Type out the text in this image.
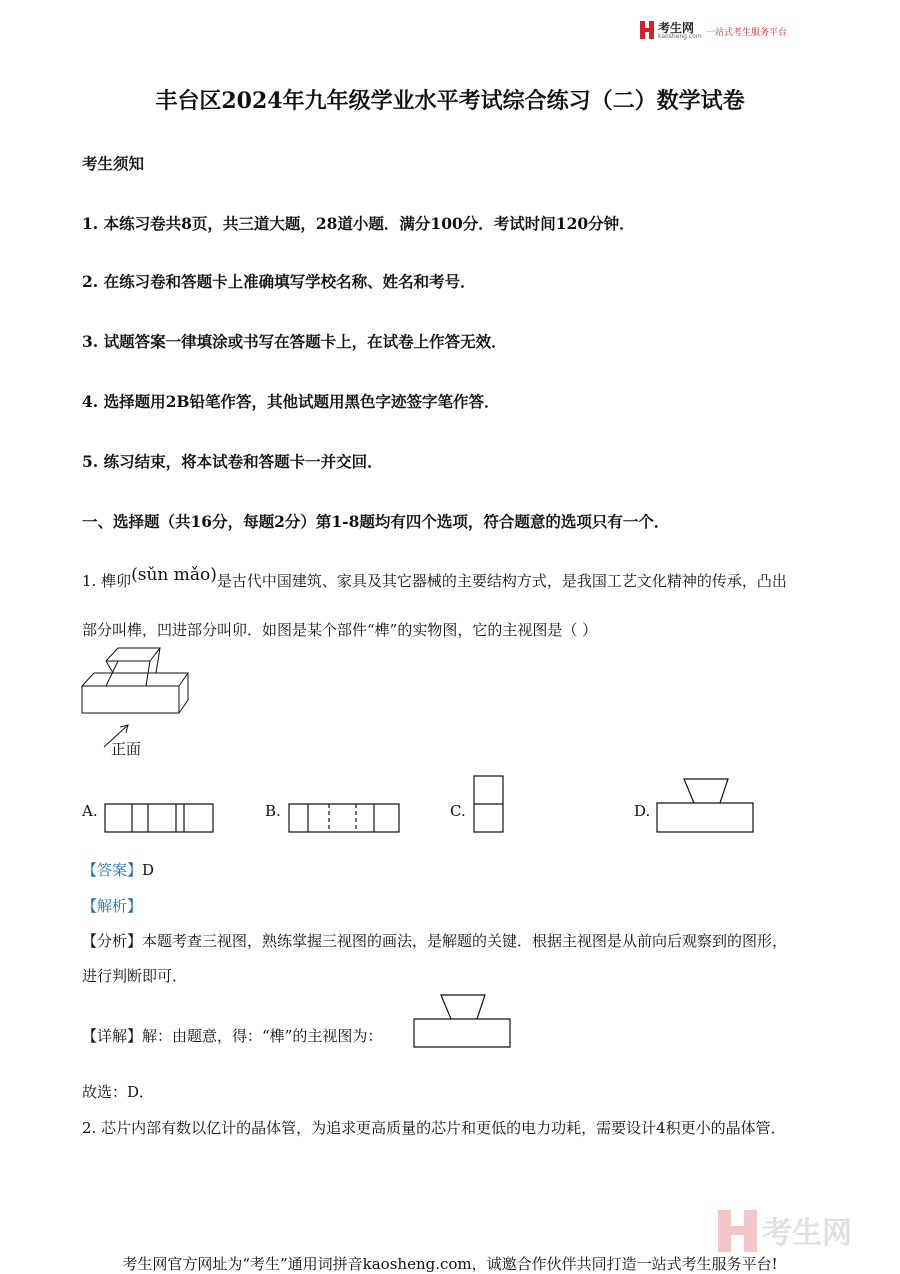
考生网
kaosheng.com 一站式考生服务平台
丰台区2024年九年级学业水平考试综合练习（二）数学试卷
考生须知
1. 本练习卷共8页，共三道大题，28道小题．满分100分．考试时间120分钟．
2. 在练习卷和答题卡上准确填写学校名称、姓名和考号．
3. 试题答案一律填涂或书写在答题卡上，在试卷上作答无效．
4. 选择题用2B铅笔作答，其他试题用黑色字迹签字笔作答．
5. 练习结束，将本试卷和答题卡一并交回．
一、选择题（共16分，每题2分）第1-8题均有四个选项，符合题意的选项只有一个．
1. 榫卯(sǔn mǎo)是古代中国建筑、家具及其它器械的主要结构方式，是我国工艺文化精神的传承，凸出
部分叫榫，凹进部分叫卯．如图是某个部件“榫”的实物图，它的主视图是（ ）
正面
A.	B.	C.	D.
【答案】D
【解析】
【分析】本题考查三视图，熟练掌握三视图的画法，是解题的关键．根据主视图是从前向后观察到的图形，
进行判断即可．
【详解】解：由题意，得：“榫”的主视图为：
故选：D．
2. 芯片内部有数以亿计的晶体管，为追求更高质量的芯片和更低的电力功耗，需要设计4积更小的晶体管．
考生网
考生网官方网址为“考生”通用词拼音kaosheng.com，诚邀合作伙伴共同打造一站式考生服务平台!
